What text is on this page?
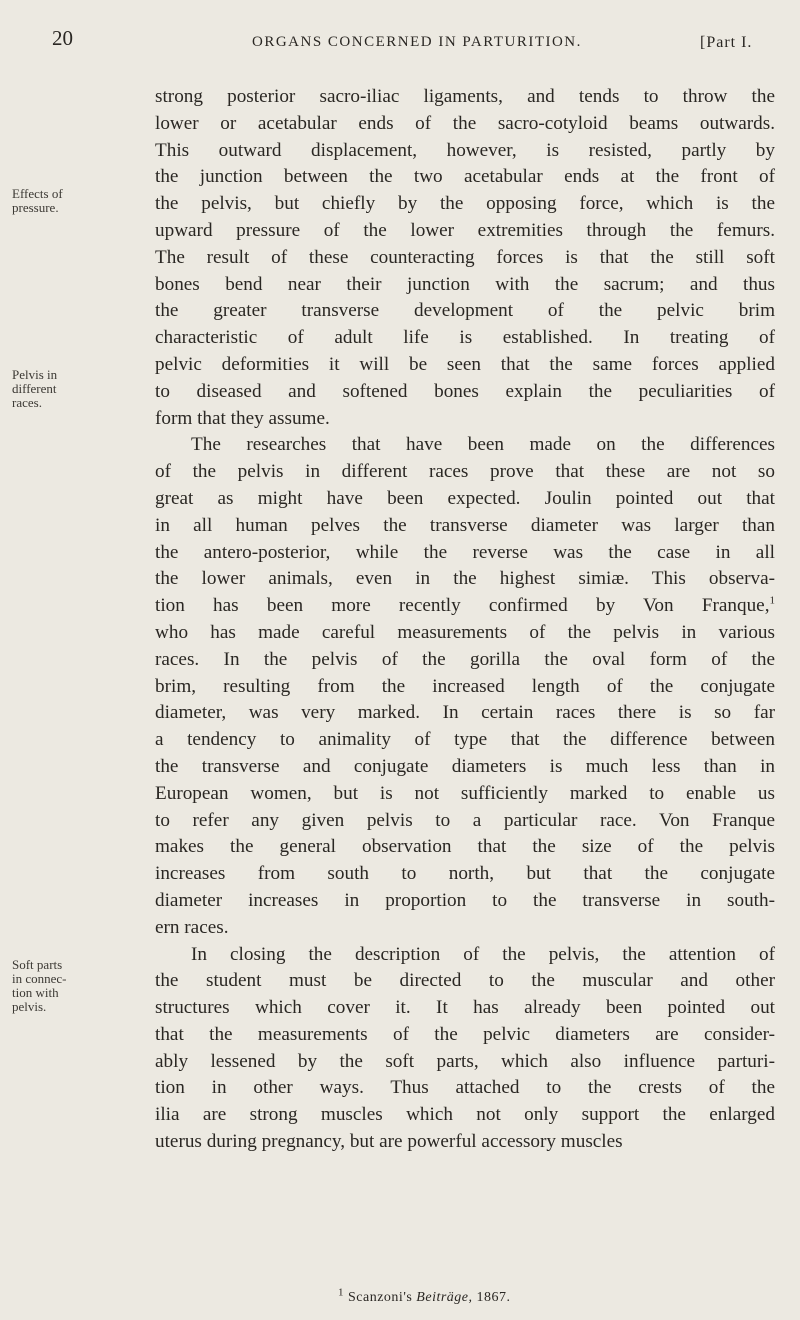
20	ORGANS CONCERNED IN PARTURITION.	[Part I.
Effects of
pressure.
Pelvis in
different
races.
Soft parts
in connec-
tion with
pelvis.
strong posterior sacro-iliac ligaments, and tends to throw the
lower or acetabular ends of the sacro-cotyloid beams outwards.
This outward displacement, however, is resisted, partly by
the junction between the two acetabular ends at the front of
the pelvis, but chiefly by the opposing force, which is the
upward pressure of the lower extremities through the femurs.
The result of these counteracting forces is that the still soft
bones bend near their junction with the sacrum; and thus
the greater transverse development of the pelvic brim
characteristic of adult life is established. In treating of
pelvic deformities it will be seen that the same forces applied
to diseased and softened bones explain the peculiarities of
form that they assume.
The researches that have been made on the differences
of the pelvis in different races prove that these are not so
great as might have been expected. Joulin pointed out that
in all human pelves the transverse diameter was larger than
the antero-posterior, while the reverse was the case in all
the lower animals, even in the highest simiæ. This observa-
tion has been more recently confirmed by Von Franque,$^1$
who has made careful measurements of the pelvis in various
races. In the pelvis of the gorilla the oval form of the
brim, resulting from the increased length of the conjugate
diameter, was very marked. In certain races there is so far
a tendency to animality of type that the difference between
the transverse and conjugate diameters is much less than in
European women, but is not sufficiently marked to enable us
to refer any given pelvis to a particular race. Von Franque
makes the general observation that the size of the pelvis
increases from south to north, but that the conjugate
diameter increases in proportion to the transverse in south-
ern races.
In closing the description of the pelvis, the attention of
the student must be directed to the muscular and other
structures which cover it. It has already been pointed out
that the measurements of the pelvic diameters are consider-
ably lessened by the soft parts, which also influence parturi-
tion in other ways. Thus attached to the crests of the
ilia are strong muscles which not only support the enlarged
uterus during pregnancy, but are powerful accessory muscles
$^1$ Scanzoni's Beiträge, 1867.
